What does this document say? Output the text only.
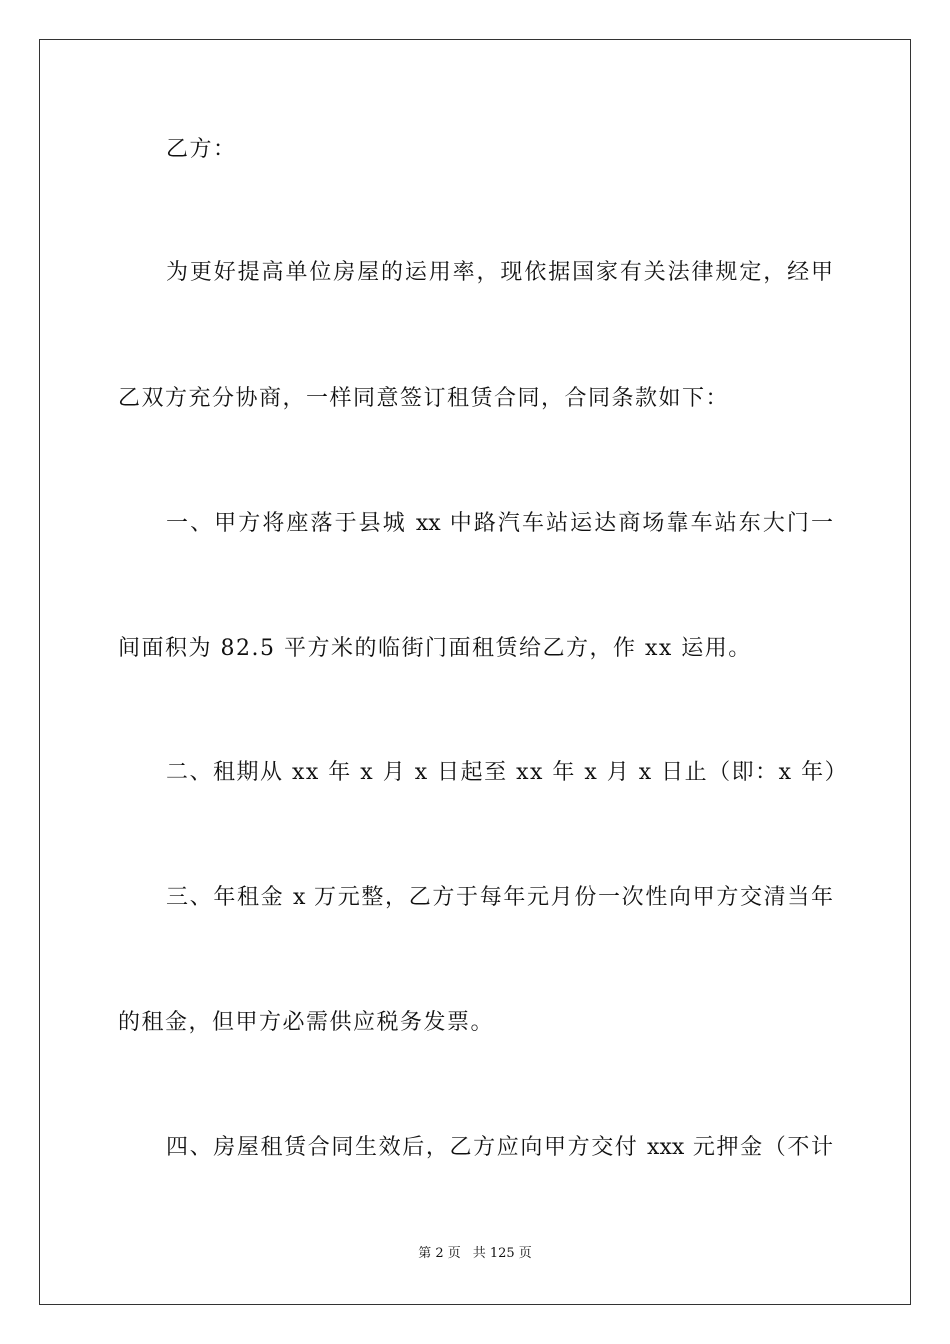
乙方：
为更好提高单位房屋的运用率，现依据国家有关法律规定，经甲
乙双方充分协商，一样同意签订租赁合同，合同条款如下：
一、甲方将座落于县城 xx 中路汽车站运达商场靠车站东大门一
间面积为 82.5 平方米的临街门面租赁给乙方，作 xx 运用。
二、租期从 xx 年 x 月 x 日起至 xx 年 x 月 x 日止（即：x 年）
三、年租金 x 万元整，乙方于每年元月份一次性向甲方交清当年
的租金，但甲方必需供应税务发票。
四、房屋租赁合同生效后，乙方应向甲方交付 xxx 元押金（不计
第 2 页 共 125 页
